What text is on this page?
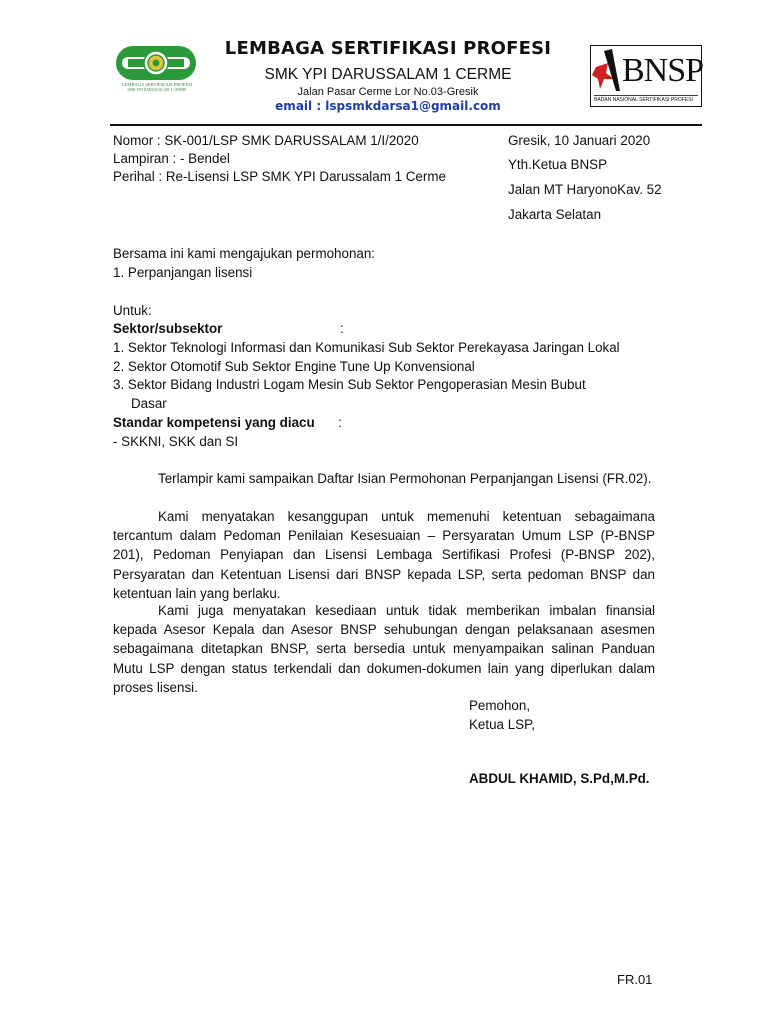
LEMBAGA SERTIFIKASI PROFESI
SMK YPI DARUSSALAM 1 CERME
LEMBAGA SERTIFIKASI PROFESI
SMK YPI DARUSSALAM 1 CERME
Jalan Pasar Cerme Lor No.03-Gresik
email : lspsmkdarsa1@gmail.com
BNSP
BADAN NASIONAL SERTIFIKASI PROFESI
Nomor : SK-001/LSP SMK DARUSSALAM 1/I/2020
Lampiran : - Bendel
Perihal : Re-Lisensi LSP SMK YPI Darussalam 1 Cerme
Gresik, 10 Januari 2020
Yth.Ketua BNSP
Jalan MT HaryonoKav. 52
Jakarta Selatan
Bersama ini kami mengajukan permohonan:
1. Perpanjangan lisensi
Untuk:
Sektor/subsektor	:
1. Sektor Teknologi Informasi dan Komunikasi Sub Sektor Perekayasa Jaringan Lokal
2. Sektor Otomotif Sub Sektor Engine Tune Up Konvensional
3. Sektor Bidang Industri Logam Mesin Sub Sektor Pengoperasian Mesin Bubut
Dasar
Standar kompetensi yang diacu :
- SKKNI, SKK dan SI

Terlampir kami sampaikan Daftar Isian Permohonan Perpanjangan Lisensi (FR.02).

Kami menyatakan kesanggupan untuk memenuhi ketentuan sebagaimana tercantum dalam Pedoman Penilaian Kesesuaian – Persyaratan Umum LSP (P-BNSP 201), Pedoman Penyiapan dan Lisensi Lembaga Sertifikasi Profesi (P-BNSP 202), Persyaratan dan Ketentuan Lisensi dari BNSP kepada LSP, serta pedoman BNSP dan ketentuan lain yang berlaku.

Kami juga menyatakan kesediaan untuk tidak memberikan imbalan finansial kepada Asesor Kepala dan Asesor BNSP sehubungan dengan pelaksanaan asesmen sebagaimana ditetapkan BNSP, serta bersedia untuk menyampaikan salinan Panduan Mutu LSP dengan status terkendali dan dokumen-dokumen lain yang diperlukan dalam proses lisensi.

Pemohon,
Ketua LSP,
ABDUL KHAMID, S.Pd,M.Pd.
FR.01
